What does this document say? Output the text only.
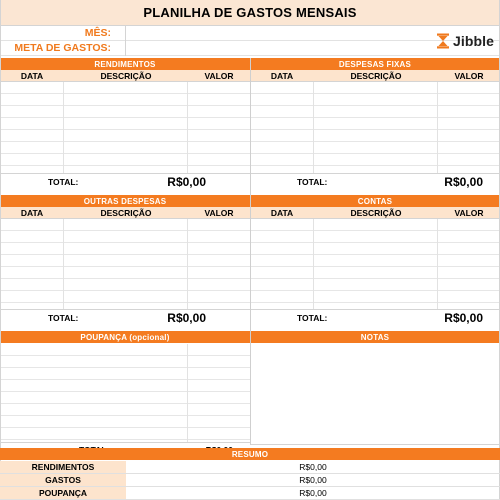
PLANILHA DE GASTOS MENSAIS
MÊS:
META DE GASTOS:	Jibble
RENDIMENTOS
DATA	DESCRIÇÃO	VALOR
TOTAL:	R$0,00
DESPESAS FIXAS
DATA	DESCRIÇÃO	VALOR
TOTAL:	R$0,00
OUTRAS DESPESAS
DATA	DESCRIÇÃO	VALOR
TOTAL:	R$0,00
CONTAS
DATA	DESCRIÇÃO	VALOR
TOTAL:	R$0,00
POUPANÇA (opcional)	NOTAS
RESUMO
RENDIMENTOS	R$0,00
GASTOS	R$0,00
POUPANÇA	R$0,00
